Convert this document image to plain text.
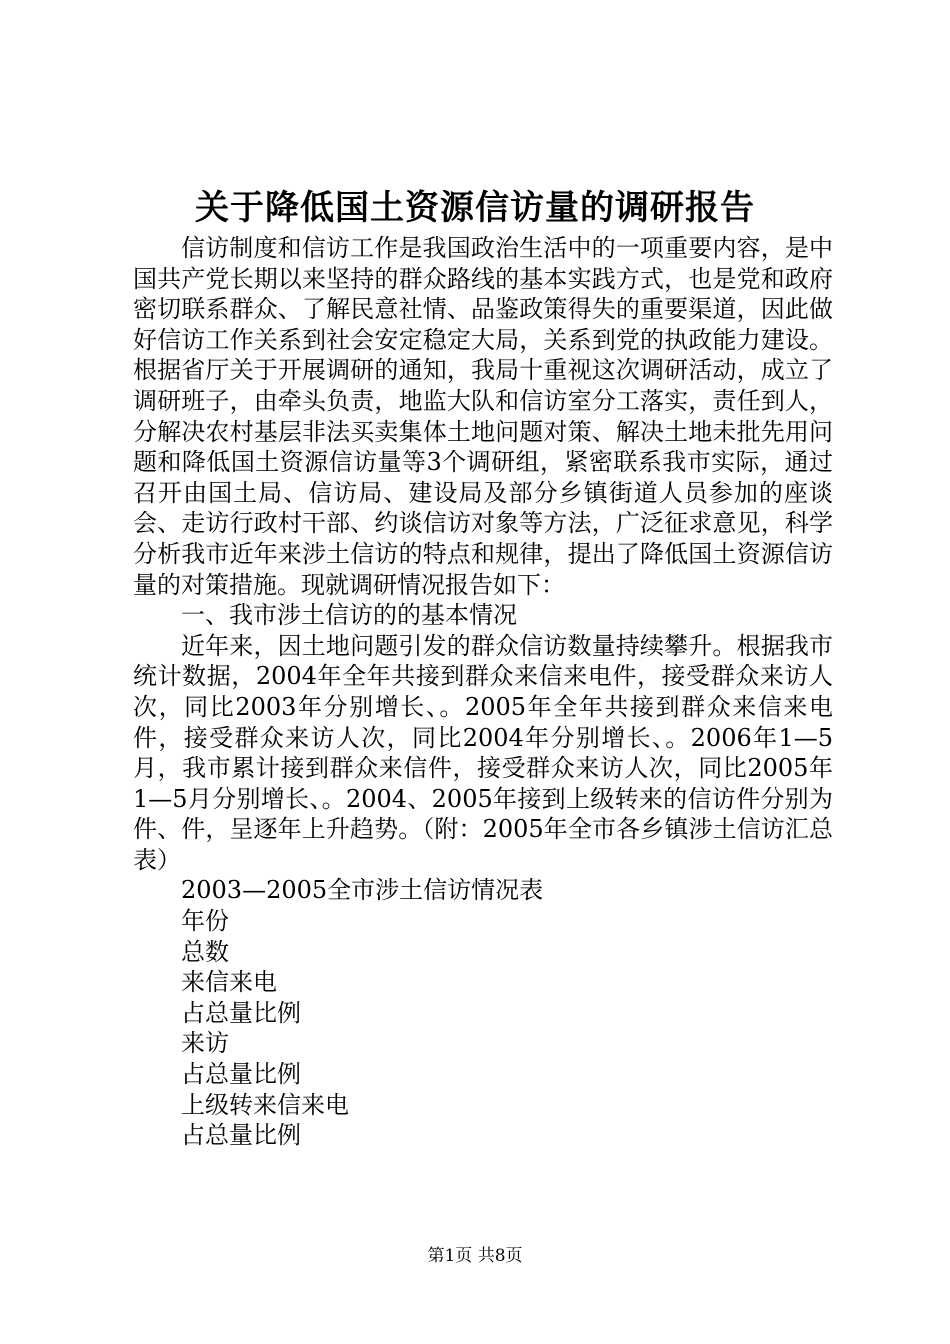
关于降低国土资源信访量的调研报告

信访制度和信访工作是我国政治生活中的一项重要内容，是中国共产党长期以来坚持的群众路线的基本实践方式，也是党和政府密切联系群众、了解民意社情、品鉴政策得失的重要渠道，因此做好信访工作关系到社会安定稳定大局，关系到党的执政能力建设。根据省厅关于开展调研的通知，我局十重视这次调研活动，成立了调研班子，由牵头负责，地监大队和信访室分工落实，责任到人，分解决农村基层非法买卖集体土地问题对策、解决土地未批先用问题和降低国土资源信访量等3个调研组，紧密联系我市实际，通过召开由国土局、信访局、建设局及部分乡镇街道人员参加的座谈会、走访行政村干部、约谈信访对象等方法，广泛征求意见，科学分析我市近年来涉土信访的特点和规律，提出了降低国土资源信访量的对策措施。现就调研情况报告如下：

一、我市涉土信访的的基本情况

近年来，因土地问题引发的群众信访数量持续攀升。根据我市统计数据，2004年全年共接到群众来信来电件，接受群众来访人次，同比2003年分别增长、。2005年全年共接到群众来信来电件，接受群众来访人次，同比2004年分别增长、。2006年1—5月，我市累计接到群众来信件，接受群众来访人次，同比2005年1—5月分别增长、。2004、2005年接到上级转来的信访件分别为件、件，呈逐年上升趋势。（附：2005年全市各乡镇涉土信访汇总表）

2003—2005全市涉土信访情况表

年份
总数
来信来电
占总量比例
来访
占总量比例
上级转来信来电
占总量比例
第1页 共8页
